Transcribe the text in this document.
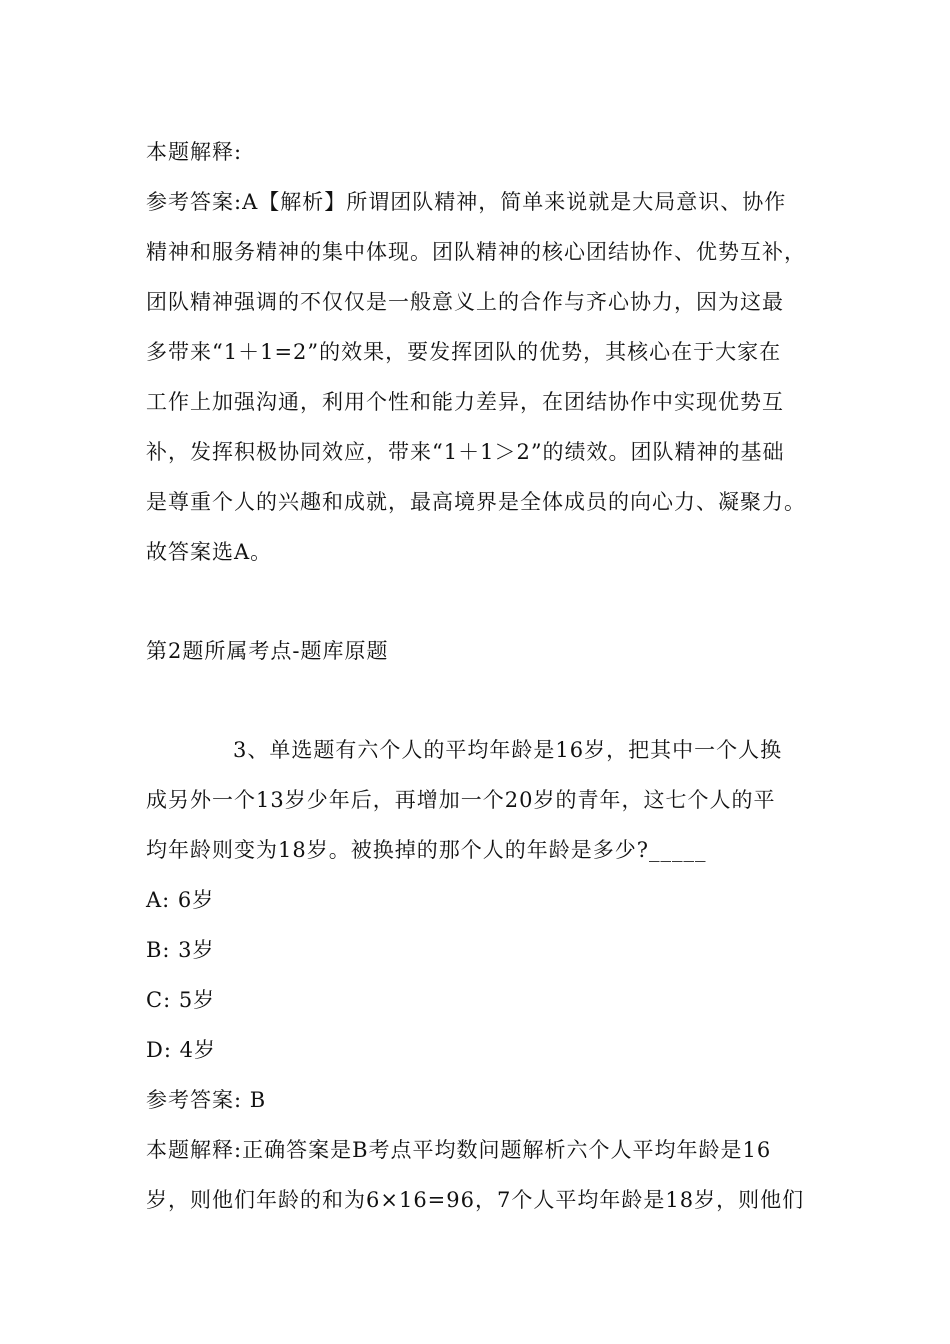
本题解释:
参考答案:A【解析】所谓团队精神，简单来说就是大局意识、协作
精神和服务精神的集中体现。团队精神的核心团结协作、优势互补，
团队精神强调的不仅仅是一般意义上的合作与齐心协力，因为这最
多带来“1＋1=2”的效果，要发挥团队的优势，其核心在于大家在
工作上加强沟通，利用个性和能力差异，在团结协作中实现优势互
补，发挥积极协同效应，带来“1＋1＞2”的绩效。团队精神的基础
是尊重个人的兴趣和成就，最高境界是全体成员的向心力、凝聚力。
故答案选A。
第2题所属考点-题库原题
3、单选题有六个人的平均年龄是16岁，把其中一个人换
成另外一个13岁少年后，再增加一个20岁的青年，这七个人的平
均年龄则变为18岁。被换掉的那个人的年龄是多少?_____
A: 6岁
B: 3岁
C: 5岁
D: 4岁
参考答案: B
本题解释:正确答案是B考点平均数问题解析六个人平均年龄是16
岁，则他们年龄的和为6×16=96，7个人平均年龄是18岁，则他们
